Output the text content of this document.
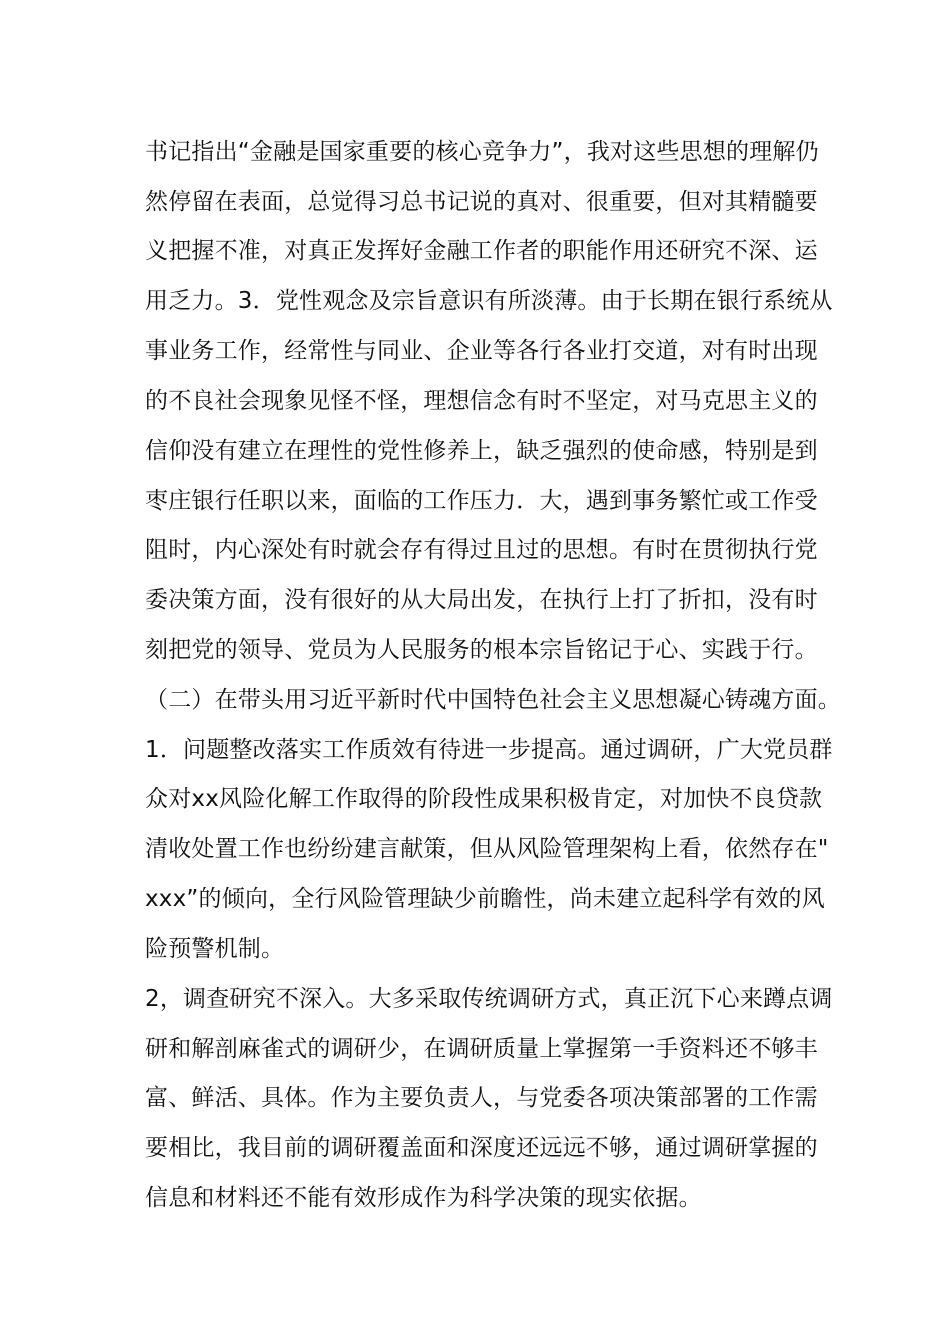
书记指出“金融是国家重要的核心竞争力”，我对这些思想的理解仍
然停留在表面，总觉得习总书记说的真对、很重要，但对其精髓要
义把握不准，对真正发挥好金融工作者的职能作用还研究不深、运
用乏力。3．党性观念及宗旨意识有所淡薄。由于长期在银行系统从
事业务工作，经常性与同业、企业等各行各业打交道，对有时出现
的不良社会现象见怪不怪，理想信念有时不坚定，对马克思主义的
信仰没有建立在理性的党性修养上，缺乏强烈的使命感，特别是到
枣庄银行任职以来，面临的工作压力．大，遇到事务繁忙或工作受
阻时，内心深处有时就会存有得过且过的思想。有时在贯彻执行党
委决策方面，没有很好的从大局出发，在执行上打了折扣，没有时
刻把党的领导、党员为人民服务的根本宗旨铭记于心、实践于行。
（二）在带头用习近平新时代中国特色社会主义思想凝心铸魂方面。
1．问题整改落实工作质效有待进一步提高。通过调研，广大党员群
众对xx风险化解工作取得的阶段性成果积极肯定，对加快不良贷款
清收处置工作也纷纷建言献策，但从风险管理架构上看，依然存在"
xxx”的倾向，全行风险管理缺少前瞻性，尚未建立起科学有效的风
险预警机制。
2，调查研究不深入。大多采取传统调研方式，真正沉下心来蹲点调
研和解剖麻雀式的调研少，在调研质量上掌握第一手资料还不够丰
富、鲜活、具体。作为主要负责人，与党委各项决策部署的工作需
要相比，我目前的调研覆盖面和深度还远远不够，通过调研掌握的
信息和材料还不能有效形成作为科学决策的现实依据。
